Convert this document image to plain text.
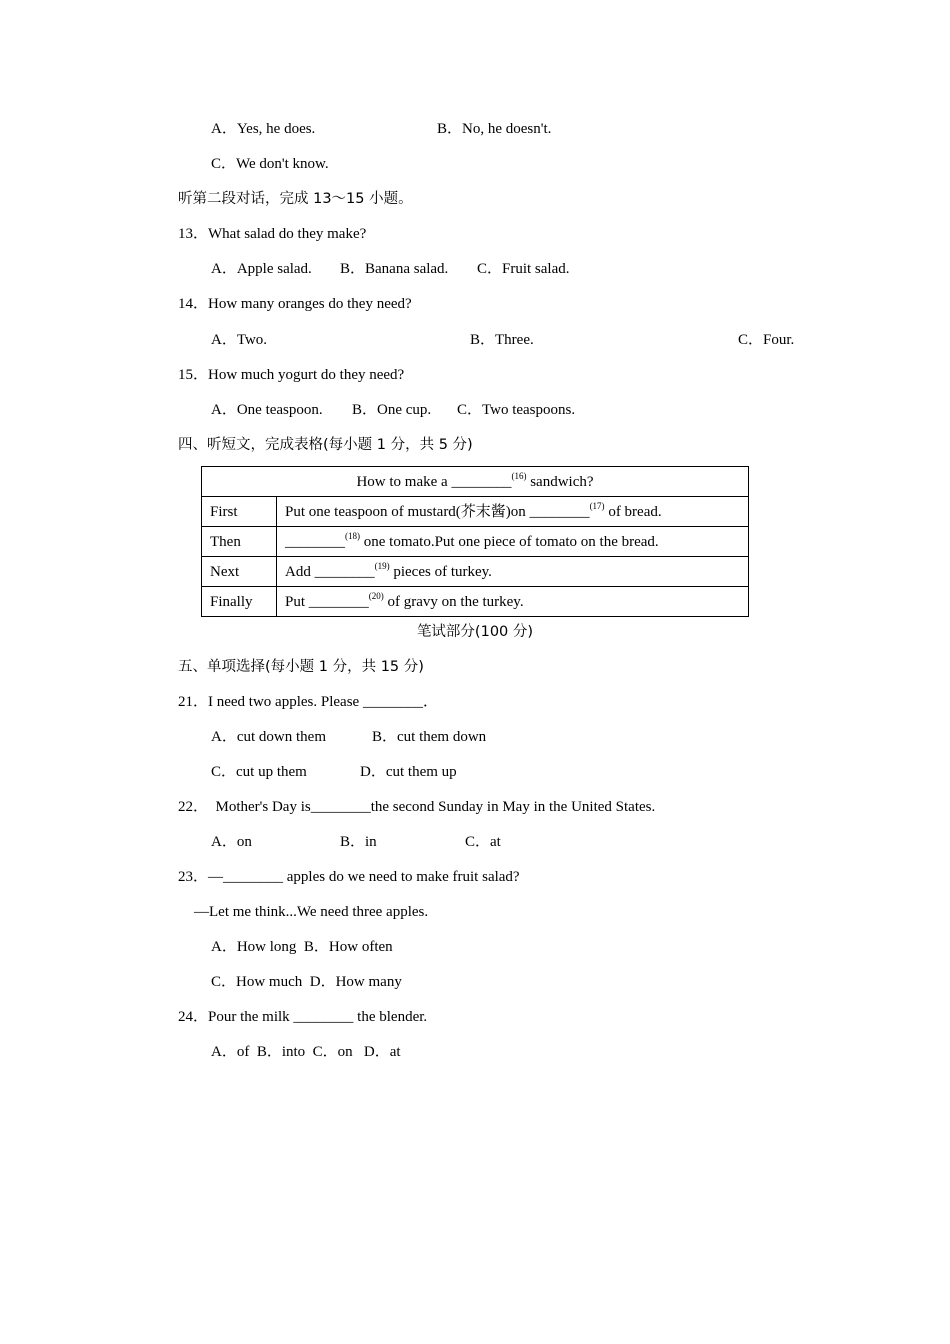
A．Yes, he does.	B．No, he doesn't.
C．We don't know.
听第二段对话，完成 13～15 小题。
13．What salad do they make?
A．Apple salad. B．Banana salad. C．Fruit salad.
14．How many oranges do they need?
A．Two.	B．Three.	C．Four.
15．How much yogurt do they need?
A．One teaspoon. B．One cup. C．Two teaspoons.
四、听短文，完成表格(每小题 1 分，共 5 分)
How to make a ________$^{(16)}$ sandwich?	
First	Put one teaspoon of mustard(芥末酱)on ________$^{(17)}$ of bread.
Then	________$^{(18)}$ one tomato.Put one piece of tomato on the bread.
Next	Add ________$^{(19)}$ pieces of turkey.
Finally	Put ________$^{(20)}$ of gravy on the turkey.
笔试部分(100 分)
五、单项选择(每小题 1 分，共 15 分)
21．I need two apples. Please ________．
A．cut down them	B．cut them down
C．cut up them	D．cut them up
22．  Mother's Day is________the second Sunday in May in the United States.
A．on	B．in	C．at
23．—________ apples do we need to make fruit salad?
—Let me think...We need three apples.
A．How long  B．How often
C．How much  D．How many
24．Pour the milk ________ the blender.
A．of  B．into  C．on   D．at
